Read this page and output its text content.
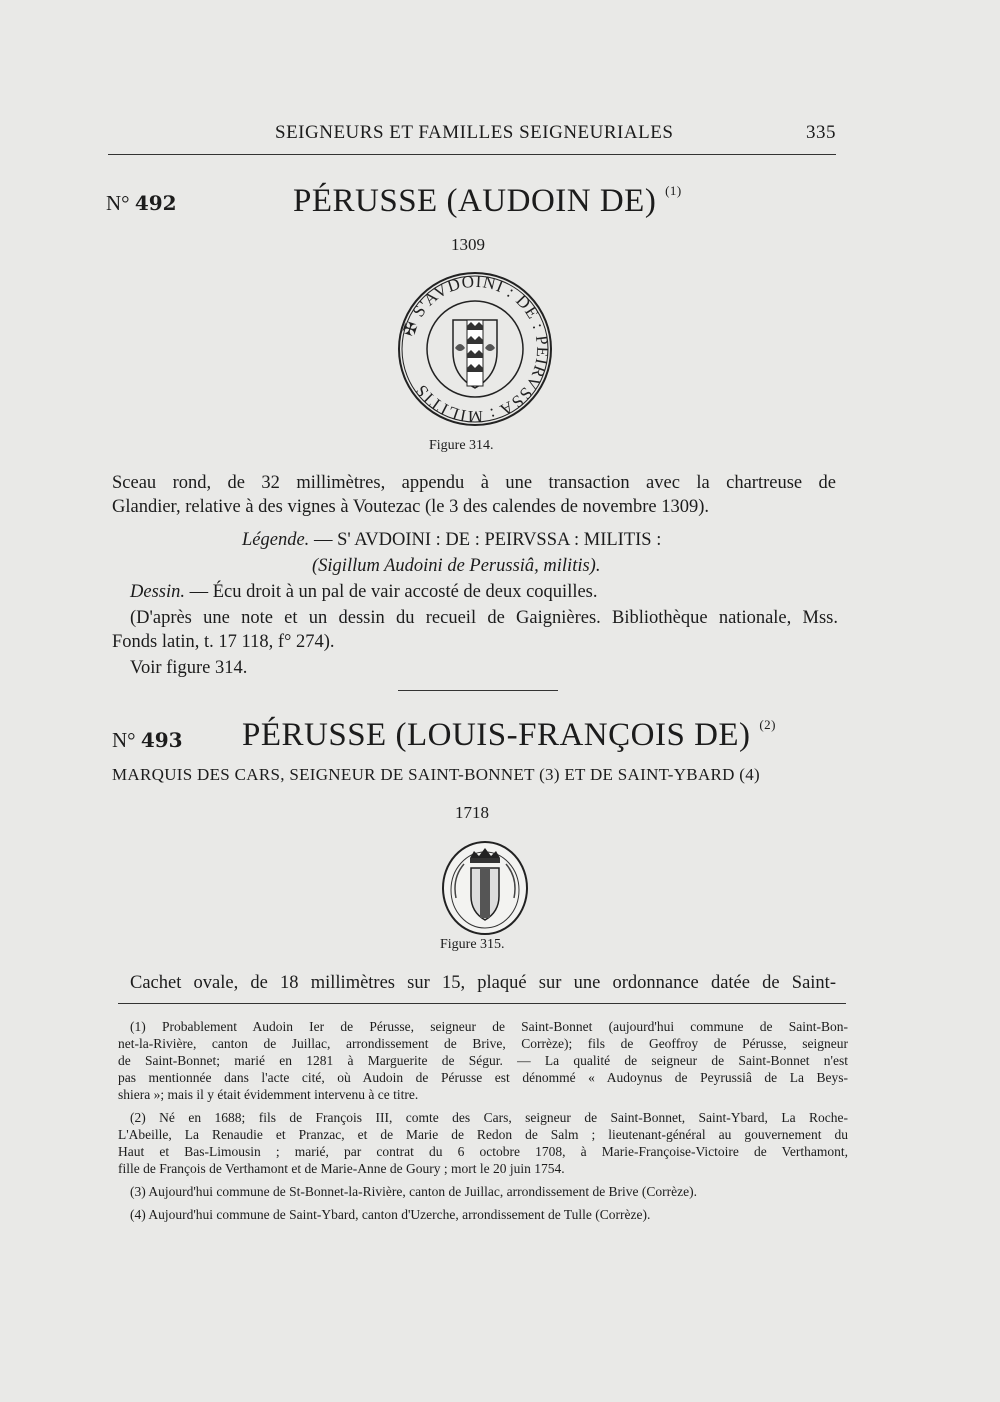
SEIGNEURS ET FAMILLES SEIGNEURIALES	335
N° 492	PÉRUSSE (AUDOIN DE) $^{(1)}$
1309
✠ S'AVDOINI : DE : PEIRVSSA : MILITIS
Figure 314.
Sceau rond, de 32 millimètres, appendu à une transaction avec la chartreuse de
Glandier, relative à des vignes à Voutezac (le 3 des calendes de novembre 1309).
Légende. — S' AVDOINI : DE : PEIRVSSA : MILITIS :
(Sigillum Audoini de Perussiâ, militis).
Dessin. — Écu droit à un pal de vair accosté de deux coquilles.
(D'après une note et un dessin du recueil de Gaignières. Bibliothèque nationale, Mss.
Fonds latin, t. 17 118, f° 274).
Voir figure 314.
N° 493 PÉRUSSE (LOUIS-FRANÇOIS DE) $^{(2)}$
MARQUIS DES CARS, SEIGNEUR DE SAINT-BONNET (3) ET DE SAINT-YBARD (4)
1718
Figure 315.
Cachet ovale, de 18 millimètres sur 15, plaqué sur une ordonnance datée de Saint-
(1) Probablement Audoin Ier de Pérusse, seigneur de Saint-Bonnet (aujourd'hui commune de Saint-Bon-
net-la-Rivière, canton de Juillac, arrondissement de Brive, Corrèze); fils de Geoffroy de Pérusse, seigneur
de Saint-Bonnet; marié en 1281 à Marguerite de Ségur. — La qualité de seigneur de Saint-Bonnet n'est
pas mentionnée dans l'acte cité, où Audoin de Pérusse est dénommé « Audoynus de Peyrussiâ de La Beys-
shiera »; mais il y était évidemment intervenu à ce titre.
(2) Né en 1688; fils de François III, comte des Cars, seigneur de Saint-Bonnet, Saint-Ybard, La Roche-
L'Abeille, La Renaudie et Pranzac, et de Marie de Redon de Salm ; lieutenant-général au gouvernement du
Haut et Bas-Limousin ; marié, par contrat du 6 octobre 1708, à Marie-Françoise-Victoire de Verthamont,
fille de François de Verthamont et de Marie-Anne de Goury ; mort le 20 juin 1754.
(3) Aujourd'hui commune de St-Bonnet-la-Rivière, canton de Juillac, arrondissement de Brive (Corrèze).
(4) Aujourd'hui commune de Saint-Ybard, canton d'Uzerche, arrondissement de Tulle (Corrèze).
